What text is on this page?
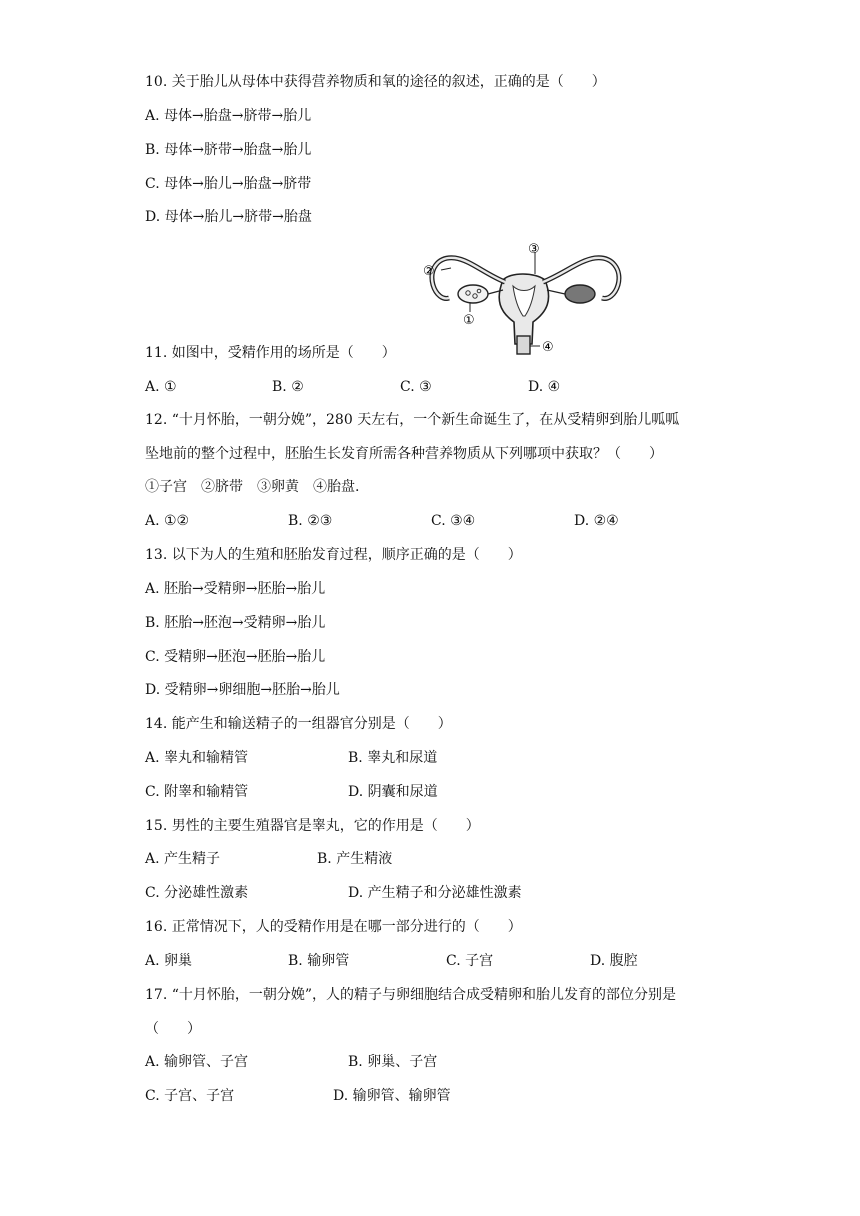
10. 关于胎儿从母体中获得营养物质和氧的途径的叙述，正确的是（　　）
A. 母体→胎盘→脐带→胎儿
B. 母体→脐带→胎盘→胎儿
C. 母体→胎儿→胎盘→脐带
D. 母体→胎儿→脐带→胎盘
③
②
①
④
11. 如图中，受精作用的场所是（　　）
A. ①	B. ②	C. ③	D. ④
12. “十月怀胎，一朝分娩”，280 天左右，一个新生命诞生了，在从受精卵到胎儿呱呱
坠地前的整个过程中，胚胎生长发育所需各种营养物质从下列哪项中获取？（　　）
①子宫　②脐带　③卵黄　④胎盘.
A. ①②	B. ②③	C. ③④	D. ②④
13. 以下为人的生殖和胚胎发育过程，顺序正确的是（　　）
A. 胚胎→受精卵→胚胎→胎儿
B. 胚胎→胚泡→受精卵→胎儿
C. 受精卵→胚泡→胚胎→胎儿
D. 受精卵→卵细胞→胚胎→胎儿
14. 能产生和输送精子的一组器官分别是（　　）
A. 睾丸和输精管	B. 睾丸和尿道
C. 附睾和输精管	D. 阴囊和尿道
15. 男性的主要生殖器官是睾丸，它的作用是（　　）
A. 产生精子	B. 产生精液
C. 分泌雄性激素	D. 产生精子和分泌雄性激素
16. 正常情况下，人的受精作用是在哪一部分进行的（　　）
A. 卵巢	B. 输卵管	C. 子宫	D. 腹腔
17. “十月怀胎，一朝分娩”，人的精子与卵细胞结合成受精卵和胎儿发育的部位分别是
（　　）
A. 输卵管、子宫	B. 卵巢、子宫
C. 子宫、子宫	D. 输卵管、输卵管
